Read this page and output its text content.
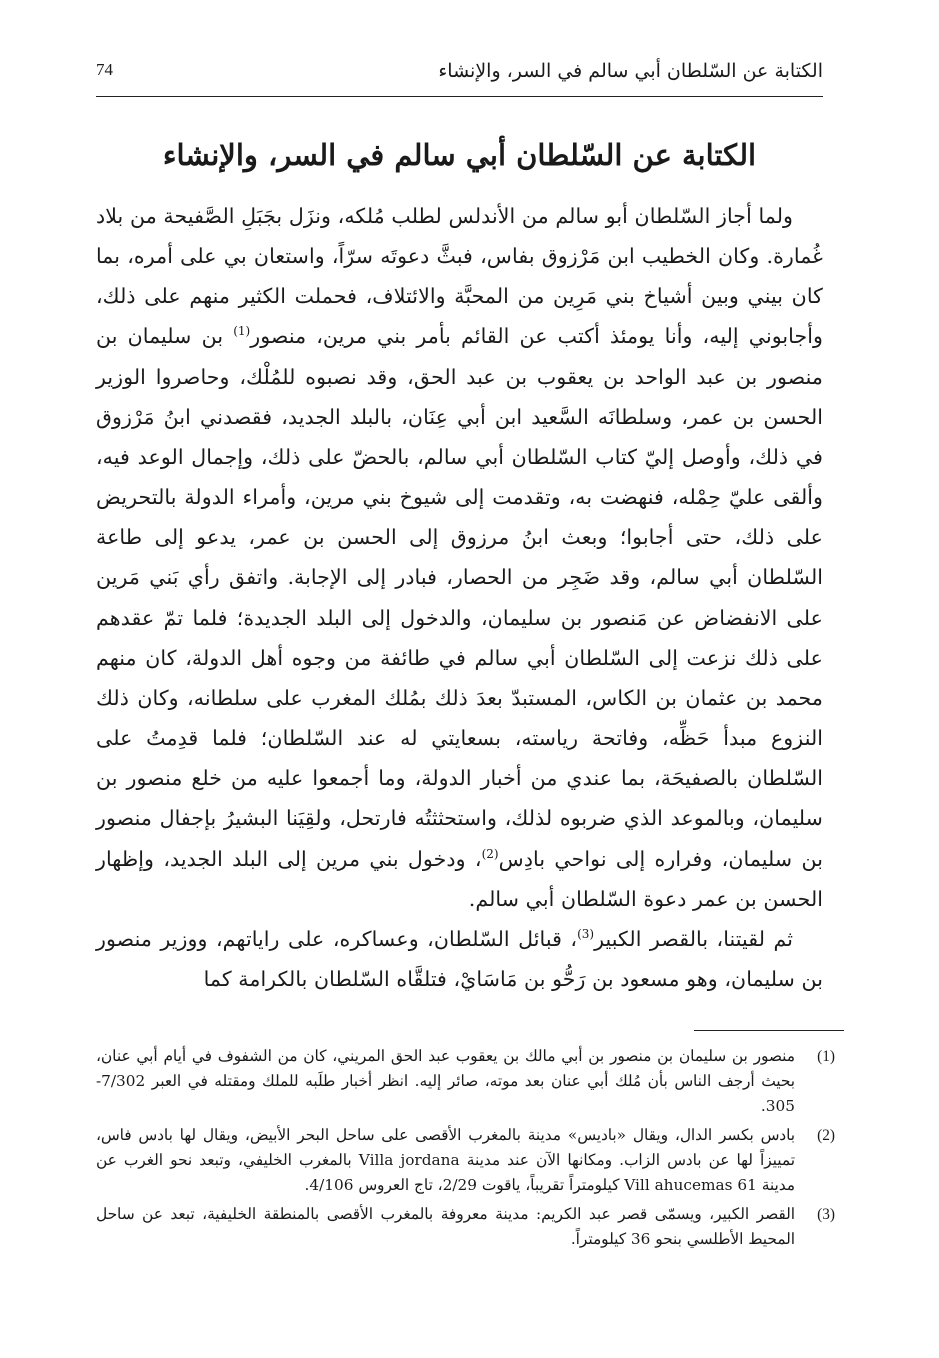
الكتابة عن السّلطان أبي سالم في السر، والإنشاء
74
الكتابة عن السّلطان أبي سالم في السر، والإنشاء

ولما أجاز السّلطان أبو سالم من الأندلس لطلب مُلكه، ونزَل بجَبَلِ الصَّفيحة من بلاد غُمارة. وكان الخطيب ابن مَرْزوق بفاس، فبثَّ دعوتَه سرّاً، واستعان بي على أمره، بما كان بيني وبين أشياخ بني مَرِين من المحبَّة والائتلاف، فحملت الكثير منهم على ذلك، وأجابوني إليه، وأنا يومئذ أكتب عن القائم بأمر بني مرين، منصور$^{(1)}$ بن سليمان بن منصور بن عبد الواحد بن يعقوب بن عبد الحق، وقد نصبوه للمُلْك، وحاصروا الوزير الحسن بن عمر، وسلطانَه السَّعيد ابن أبي عِنَان، بالبلد الجديد، فقصدني ابنُ مَرْزوق في ذلك، وأوصل إليّ كتاب السّلطان أبي سالم، بالحضّ على ذلك، وإجمال الوعد فيه، وألقى عليّ حِمْله، فنهضت به، وتقدمت إلى شيوخ بني مرين، وأمراء الدولة بالتحريض على ذلك، حتى أجابوا؛ وبعث ابنُ مرزوق إلى الحسن بن عمر، يدعو إلى طاعة السّلطان أبي سالم، وقد ضَجِر من الحصار، فبادر إلى الإجابة. واتفق رأي بَني مَرين على الانفضاض عن مَنصور بن سليمان، والدخول إلى البلد الجديدة؛ فلما تمّ عقدهم على ذلك نزعت إلى السّلطان أبي سالم في طائفة من وجوه أهل الدولة، كان منهم محمد بن عثمان بن الكاس، المستبدّ بعدَ ذلك بمُلك المغرب على سلطانه، وكان ذلك النزوع مبدأ حَظِّه، وفاتحة رياسته، بسعايتي له عند السّلطان؛ فلما قدِمتُ على السّلطان بالصفيحَة، بما عندي من أخبار الدولة، وما أجمعوا عليه من خلع منصور بن سليمان، وبالموعد الذي ضربوه لذلك، واستحثثتُه فارتحل، ولقِيَنا البشيرُ بإجفال منصور بن سليمان، وفراره إلى نواحي بادِس$^{(2)}$، ودخول بني مرين إلى البلد الجديد، وإظهار الحسن بن عمر دعوة السّلطان أبي سالم.

ثم لقيتنا، بالقصر الكبير$^{(3)}$، قبائل السّلطان، وعساكره، على راياتهم، ووزير منصور بن سليمان، وهو مسعود بن رَحُّو بن مَاسَايْ، فتلقَّاه السّلطان بالكرامة كما

(1)
منصور بن سليمان بن منصور بن أبي مالك بن يعقوب عبد الحق المريني، كان من الشفوف في أيام أبي عنان، بحيث أرجف الناس بأن مُلك أبي عنان بعد موته، صائر إليه. انظر أخبار طلَبه للملك ومقتله في العبر 7/302-305.
(2)
بادس بكسر الدال، ويقال «باديس» مدينة بالمغرب الأقصى على ساحل البحر الأبيض، ويقال لها بادس فاس، تمييزاً لها عن بادس الزاب. ومكانها الآن عند مدينة Villa jordana بالمغرب الخليفي، وتبعد نحو الغرب عن مدينة Vill ahucemas 61 كيلومتراً تقريباً، ياقوت 2/29، تاج العروس 4/106.
(3)
القصر الكبير، ويسمّى قصر عبد الكريم: مدينة معروفة بالمغرب الأقصى بالمنطقة الخليفية، تبعد عن ساحل المحيط الأطلسي بنحو 36 كيلومتراً.
